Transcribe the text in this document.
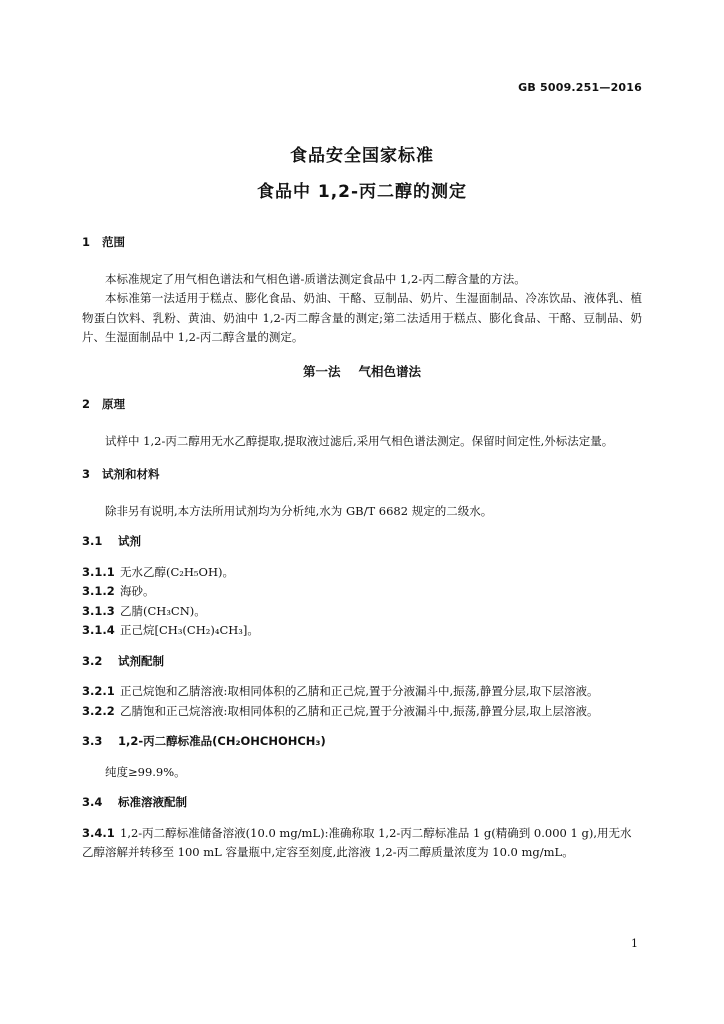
GB 5009.251—2016
食品安全国家标准
食品中 1,2-丙二醇的测定

1 范围

本标准规定了用气相色谱法和气相色谱-质谱法测定食品中 1,2-丙二醇含量的方法。

本标准第一法适用于糕点、膨化食品、奶油、干酪、豆制品、奶片、生湿面制品、冷冻饮品、液体乳、植物蛋白饮料、乳粉、黄油、奶油中 1,2-丙二醇含量的测定;第二法适用于糕点、膨化食品、干酪、豆制品、奶片、生湿面制品中 1,2-丙二醇含量的测定。

第一法 气相色谱法

2 原理

试样中 1,2-丙二醇用无水乙醇提取,提取液过滤后,采用气相色谱法测定。保留时间定性,外标法定量。

3 试剂和材料

除非另有说明,本方法所用试剂均为分析纯,水为 GB/T 6682 规定的二级水。

3.1 试剂

3.1.1 无水乙醇(C₂H₅OH)。

3.1.2 海砂。

3.1.3 乙腈(CH₃CN)。

3.1.4 正己烷[CH₃(CH₂)₄CH₃]。

3.2 试剂配制

3.2.1 正己烷饱和乙腈溶液:取相同体积的乙腈和正己烷,置于分液漏斗中,振荡,静置分层,取下层溶液。

3.2.2 乙腈饱和正己烷溶液:取相同体积的乙腈和正己烷,置于分液漏斗中,振荡,静置分层,取上层溶液。

3.3 1,2-丙二醇标准品(CH₂OHCHOHCH₃)

纯度≥99.9%。

3.4 标准溶液配制

3.4.1 1,2-丙二醇标准储备溶液(10.0 mg/mL):准确称取 1,2-丙二醇标准品 1 g(精确到 0.000 1 g),用无水乙醇溶解并转移至 100 mL 容量瓶中,定容至刻度,此溶液 1,2-丙二醇质量浓度为 10.0 mg/mL。

1
